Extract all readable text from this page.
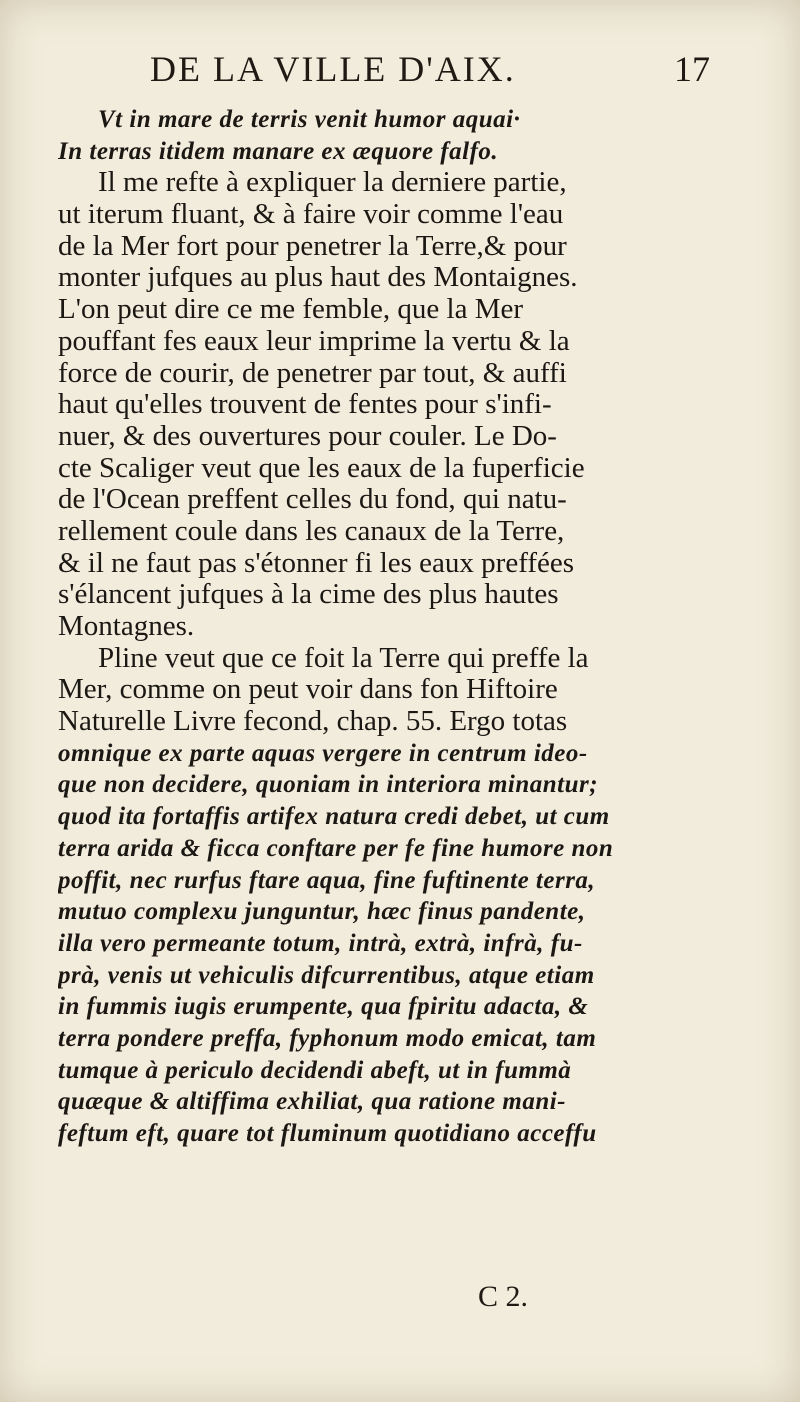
DE LA VILLE D'AIX.	17
Vt in mare de terris venit humor aquai·
In terras itidem manare ex æquore falfo.
Il me refte à expliquer la derniere partie,
ut iterum fluant, & à faire voir comme l'eau
de la Mer fort pour penetrer la Terre,& pour
monter jufques au plus haut des Montaignes.
L'on peut dire ce me femble, que la Mer
pouffant fes eaux leur imprime la vertu & la
force de courir, de penetrer par tout, & auffi
haut qu'elles trouvent de fentes pour s'infi-
nuer, & des ouvertures pour couler. Le Do-
cte Scaliger veut que les eaux de la fuperficie
de l'Ocean preffent celles du fond, qui natu-
rellement coule dans les canaux de la Terre,
& il ne faut pas s'étonner fi les eaux preffées
s'élancent jufques à la cime des plus hautes
Montagnes.
Pline veut que ce foit la Terre qui preffe la
Mer, comme on peut voir dans fon Hiftoire
Naturelle Livre fecond, chap. 55. Ergo totas
omnique ex parte aquas vergere in centrum ideo-
que non decidere, quoniam in interiora minantur;
quod ita fortaffis artifex natura credi debet, ut cum
terra arida & ficca conftare per fe fine humore non
poffit, nec rurfus ftare aqua, fine fuftinente terra,
mutuo complexu junguntur, hæc finus pandente,
illa vero permeante totum, intrà, extrà, infrà, fu-
prà, venis ut vehiculis difcurrentibus, atque etiam
in fummis iugis erumpente, qua fpiritu adacta, &
terra pondere preffa, fyphonum modo emicat, tam
tumque à periculo decidendi abeft, ut in fummà
quæque & altiffima exhiliat, qua ratione mani-
feftum eft, quare tot fluminum quotidiano acceffu
C 2.
